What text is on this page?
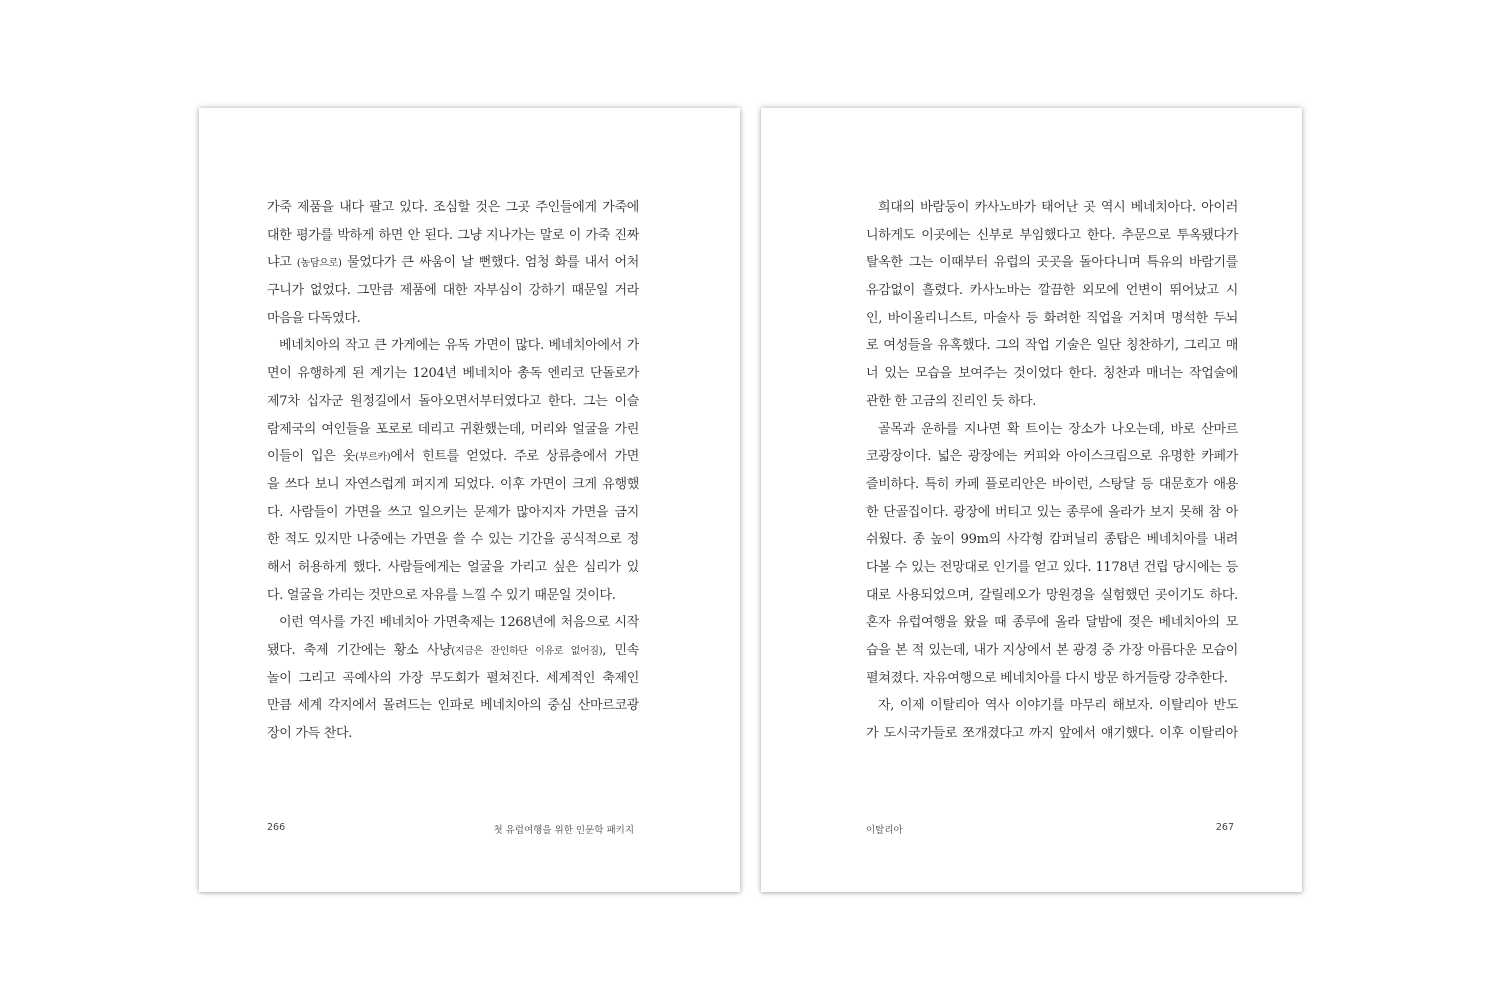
가죽 제품을 내다 팔고 있다. 조심할 것은 그곳 주인들에게 가죽에
대한 평가를 박하게 하면 안 된다. 그냥 지나가는 말로 이 가죽 진짜
냐고 (농담으로) 물었다가 큰 싸움이 날 뻔했다. 엄청 화를 내서 어처
구니가 없었다. 그만큼 제품에 대한 자부심이 강하기 때문일 거라
마음을 다독였다.
베네치아의 작고 큰 가게에는 유독 가면이 많다. 베네치아에서 가
면이 유행하게 된 계기는 1204년 베네치아 총독 엔리코 단돌로가
제7차 십자군 원정길에서 돌아오면서부터였다고 한다. 그는 이슬
람제국의 여인들을 포로로 데리고 귀환했는데, 머리와 얼굴을 가린
이들이 입은 옷(부르카)에서 힌트를 얻었다. 주로 상류층에서 가면
을 쓰다 보니 자연스럽게 퍼지게 되었다. 이후 가면이 크게 유행했
다. 사람들이 가면을 쓰고 일으키는 문제가 많아지자 가면을 금지
한 적도 있지만 나중에는 가면을 쓸 수 있는 기간을 공식적으로 정
해서 허용하게 했다. 사람들에게는 얼굴을 가리고 싶은 심리가 있
다. 얼굴을 가리는 것만으로 자유를 느낄 수 있기 때문일 것이다.
이런 역사를 가진 베네치아 가면축제는 1268년에 처음으로 시작
됐다. 축제 기간에는 황소 사냥(지금은 잔인하단 이유로 없어짐), 민속
놀이 그리고 곡예사의 가장 무도회가 펼쳐진다. 세계적인 축제인
만큼 세계 각지에서 몰려드는 인파로 베네치아의 중심 산마르코광
장이 가득 찬다.
266	첫 유럽여행을 위한 인문학 패키지
희대의 바람둥이 카사노바가 태어난 곳 역시 베네치아다. 아이러
니하게도 이곳에는 신부로 부임했다고 한다. 추문으로 투옥됐다가
탈옥한 그는 이때부터 유럽의 곳곳을 돌아다니며 특유의 바람기를
유감없이 흘렸다. 카사노바는 깔끔한 외모에 언변이 뛰어났고 시
인, 바이올리니스트, 마술사 등 화려한 직업을 거치며 명석한 두뇌
로 여성들을 유혹했다. 그의 작업 기술은 일단 칭찬하기, 그리고 매
너 있는 모습을 보여주는 것이었다 한다. 칭찬과 매너는 작업술에
관한 한 고금의 진리인 듯 하다.
골목과 운하를 지나면 확 트이는 장소가 나오는데, 바로 산마르
코광장이다. 넓은 광장에는 커피와 아이스크림으로 유명한 카페가
즐비하다. 특히 카페 플로리안은 바이런, 스탕달 등 대문호가 애용
한 단골집이다. 광장에 버티고 있는 종루에 올라가 보지 못해 참 아
쉬웠다. 종 높이 99m의 사각형 캄퍼닐리 종탑은 베네치아를 내려
다볼 수 있는 전망대로 인기를 얻고 있다. 1178년 건립 당시에는 등
대로 사용되었으며, 갈릴레오가 망원경을 실험했던 곳이기도 하다.
혼자 유럽여행을 왔을 때 종루에 올라 달밤에 젖은 베네치아의 모
습을 본 적 있는데, 내가 지상에서 본 광경 중 가장 아름다운 모습이
펼쳐졌다. 자유여행으로 베네치아를 다시 방문 하거들랑 강추한다.
자, 이제 이탈리아 역사 이야기를 마무리 해보자. 이탈리아 반도
가 도시국가들로 쪼개졌다고 까지 앞에서 얘기했다. 이후 이탈리아
이탈리아	267
